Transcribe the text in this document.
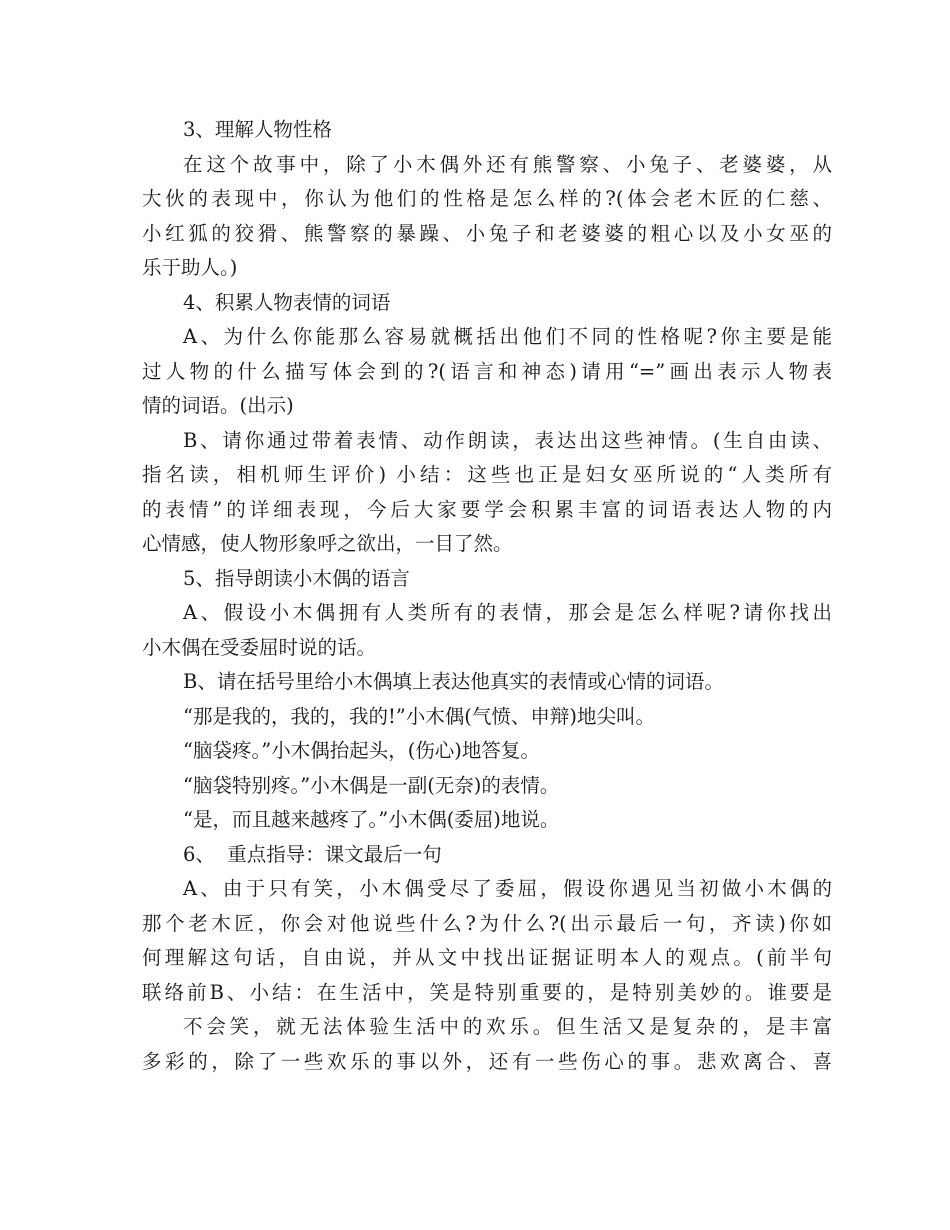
3、理解人物性格
在这个故事中，除了小木偶外还有熊警察、小兔子、老婆婆，从
大伙的表现中，你认为他们的性格是怎么样的?(体会老木匠的仁慈、
小红狐的狡猾、熊警察的暴躁、小兔子和老婆婆的粗心以及小女巫的
乐于助人。)
4、积累人物表情的词语
A、为什么你能那么容易就概括出他们不同的性格呢?你主要是能
过人物的什么描写体会到的?(语言和神态)请用“=”画出表示人物表
情的词语。(出示)
B、请你通过带着表情、动作朗读，表达出这些神情。(生自由读、
指名读，相机师生评价) 小结：这些也正是妇女巫所说的“人类所有
的表情”的详细表现，今后大家要学会积累丰富的词语表达人物的内
心情感，使人物形象呼之欲出，一目了然。
5、指导朗读小木偶的语言
A、假设小木偶拥有人类所有的表情，那会是怎么样呢?请你找出
小木偶在受委屈时说的话。
B、请在括号里给小木偶填上表达他真实的表情或心情的词语。
“那是我的，我的，我的!”小木偶(气愤、申辩)地尖叫。
“脑袋疼。”小木偶抬起头，(伤心)地答复。
“脑袋特别疼。”小木偶是一副(无奈)的表情。
“是，而且越来越疼了。”小木偶(委屈)地说。
6、  重点指导：课文最后一句
A、由于只有笑，小木偶受尽了委屈，假设你遇见当初做小木偶的
那个老木匠，你会对他说些什么?为什么?(出示最后一句，齐读)你如
何理解这句话，自由说，并从文中找出证据证明本人的观点。(前半句
联络前B、小结：在生活中，笑是特别重要的，是特别美妙的。谁要是
不会笑，就无法体验生活中的欢乐。但生活又是复杂的，是丰富
多彩的，除了一些欢乐的事以外，还有一些伤心的事。悲欢离合、喜
